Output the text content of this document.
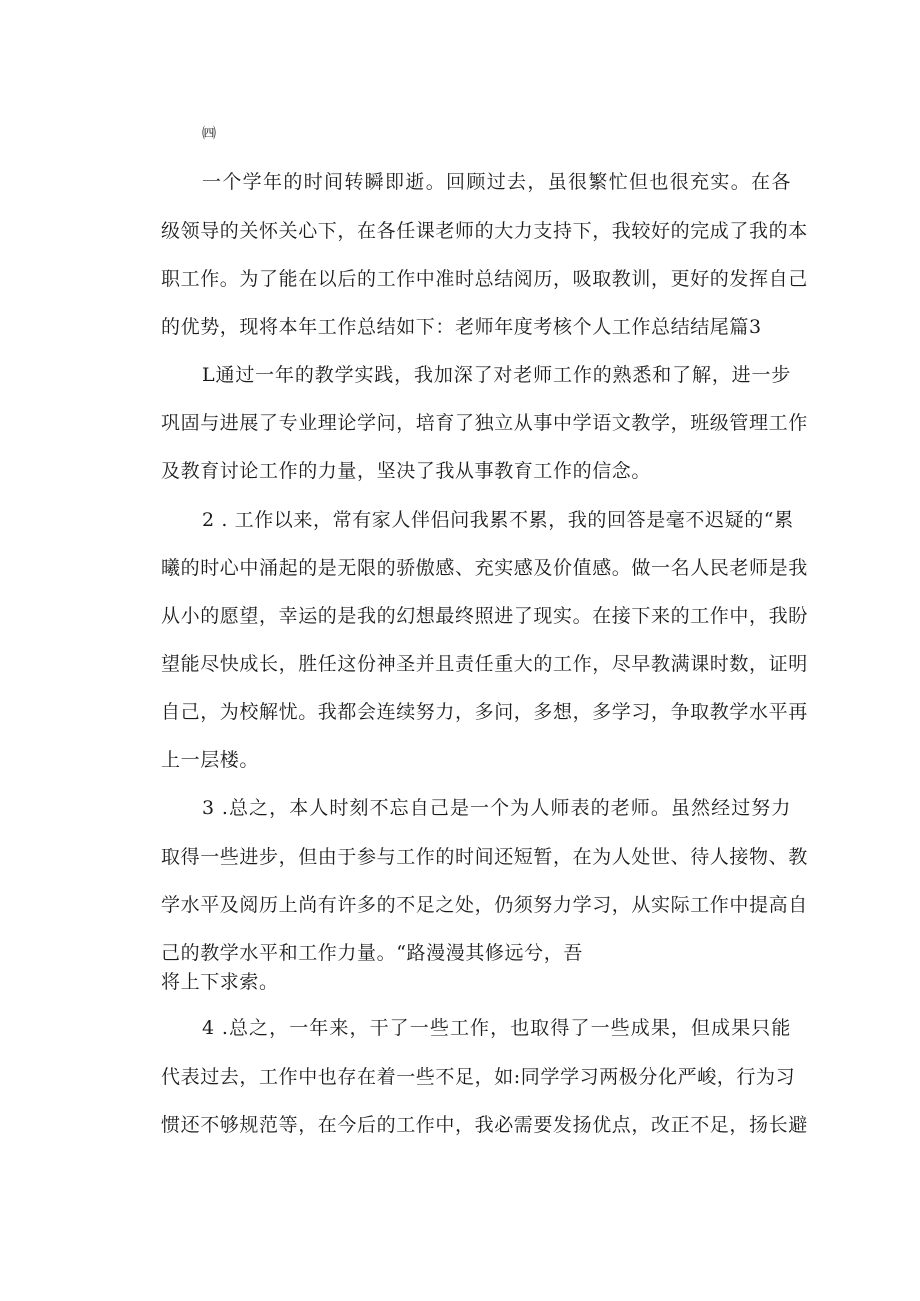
㈣
一个学年的时间转瞬即逝。回顾过去，虽很繁忙但也很充实。在各
级领导的关怀关心下，在各任课老师的大力支持下，我较好的完成了我的本
职工作。为了能在以后的工作中准时总结阅历，吸取教训，更好的发挥自己
的优势，现将本年工作总结如下：老师年度考核个人工作总结结尾篇3
L通过一年的教学实践，我加深了对老师工作的熟悉和了解，进一步
巩固与进展了专业理论学问，培育了独立从事中学语文教学，班级管理工作
及教育讨论工作的力量，坚决了我从事教育工作的信念。
2 . 工作以来，常有家人伴侣问我累不累，我的回答是毫不迟疑的“累
曦的时心中涌起的是无限的骄傲感、充实感及价值感。做一名人民老师是我
从小的愿望，幸运的是我的幻想最终照进了现实。在接下来的工作中，我盼
望能尽快成长，胜任这份神圣并且责任重大的工作，尽早教满课时数，证明
自己，为校解忧。我都会连续努力，多问，多想，多学习，争取教学水平再
上一层楼。
3 .总之，本人时刻不忘自己是一个为人师表的老师。虽然经过努力
取得一些进步，但由于参与工作的时间还短暂，在为人处世、待人接物、教
学水平及阅历上尚有许多的不足之处，仍须努力学习，从实际工作中提高自
己的教学水平和工作力量。“路漫漫其修远兮，吾
将上下求索。
4 .总之，一年来，干了一些工作，也取得了一些成果，但成果只能
代表过去，工作中也存在着一些不足，如:同学学习两极分化严峻，行为习
惯还不够规范等，在今后的工作中，我必需要发扬优点，改正不足，扬长避
